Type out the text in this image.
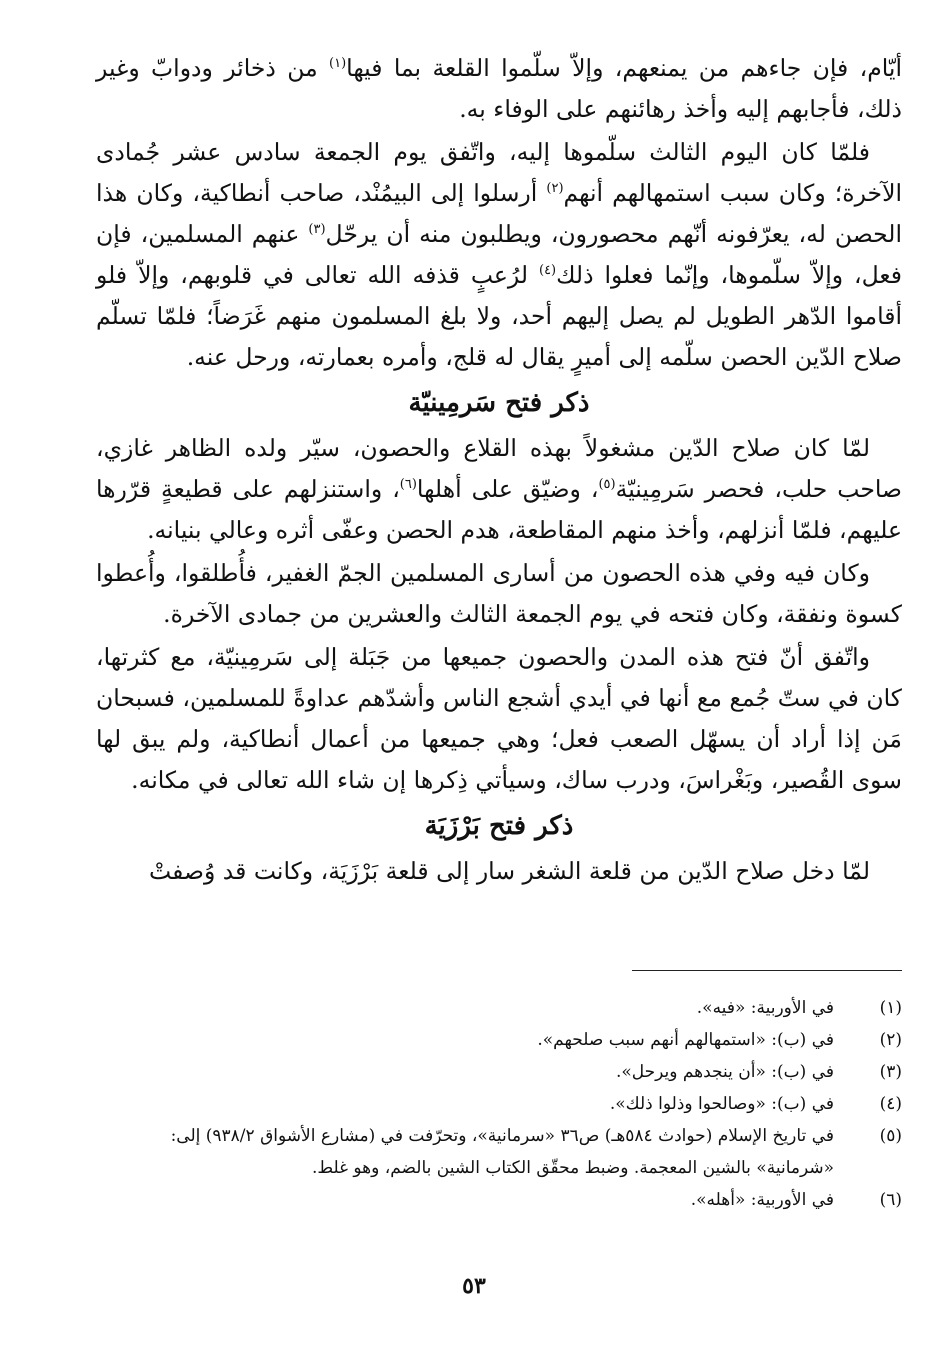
أيّام، فإن جاءهم من يمنعهم، وإلاّ سلّموا القلعة بما فيها$^{(١)}$ من ذخائر ودوابّ وغير ذلك، فأجابهم إليه وأخذ رهائنهم على الوفاء به.

فلمّا كان اليوم الثالث سلّموها إليه، واتّفق يوم الجمعة سادس عشر جُمادى الآخرة؛ وكان سبب استمهالهم أنهم$^{(٢)}$ أرسلوا إلى البيمُنْد، صاحب أنطاكية، وكان هذا الحصن له، يعرّفونه أنّهم محصورون، ويطلبون منه أن يرحّل$^{(٣)}$ عنهم المسلمين، فإن فعل، وإلاّ سلّموها، وإنّما فعلوا ذلك$^{(٤)}$ لرُعبٍ قذفه الله تعالى في قلوبهم، وإلاّ فلو أقاموا الدّهر الطويل لم يصل إليهم أحد، ولا بلغ المسلمون منهم غَرَضاً؛ فلمّا تسلّم صلاح الدّين الحصن سلّمه إلى أميرٍ يقال له قلج، وأمره بعمارته، ورحل عنه.

ذكر فتح سَرمِينيّة

لمّا كان صلاح الدّين مشغولاً بهذه القلاع والحصون، سيّر ولده الظاهر غازي، صاحب حلب، فحصر سَرمِينيّة$^{(٥)}$، وضيّق على أهلها$^{(٦)}$، واستنزلهم على قطيعةٍ قرّرها عليهم، فلمّا أنزلهم، وأخذ منهم المقاطعة، هدم الحصن وعفّى أثره وعالي بنيانه.

وكان فيه وفي هذه الحصون من أسارى المسلمين الجمّ الغفير، فأُطلقوا، وأُعطوا كسوة ونفقة، وكان فتحه في يوم الجمعة الثالث والعشرين من جمادى الآخرة.

واتّفق أنّ فتح هذه المدن والحصون جميعها من جَبَلة إلى سَرمِينيّة، مع كثرتها، كان في ستّ جُمع مع أنها في أيدي أشجع الناس وأشدّهم عداوةً للمسلمين، فسبحان مَن إذا أراد أن يسهّل الصعب فعل؛ وهي جميعها من أعمال أنطاكية، ولم يبق لها سوى القُصير، وبَغْراسَ، ودرب ساك، وسيأتي ذِكرها إن شاء الله تعالى في مكانه.

ذكر فتح بَرْزَيَة

لمّا دخل صلاح الدّين من قلعة الشغر سار إلى قلعة بَرْزَيَة، وكانت قد وُصفتْ

(١)
في الأوربية: «فيه».
(٢)
في (ب): «استمهالهم أنهم سبب صلحهم».
(٣)
في (ب): «أن ينجدهم ويرحل».
(٤)
في (ب): «وصالحوا وذلوا ذلك».
(٥)
في تاريخ الإسلام (حوادث ٥٨٤هـ) ص٣٦ «سرمانية»، وتحرّفت في (مشارع الأشواق ٩٣٨/٢) إلى: «شرمانية» بالشين المعجمة. وضبط محقّق الكتاب الشين بالضم، وهو غلط.
(٦)
في الأوربية: «أهله».
٥٣
